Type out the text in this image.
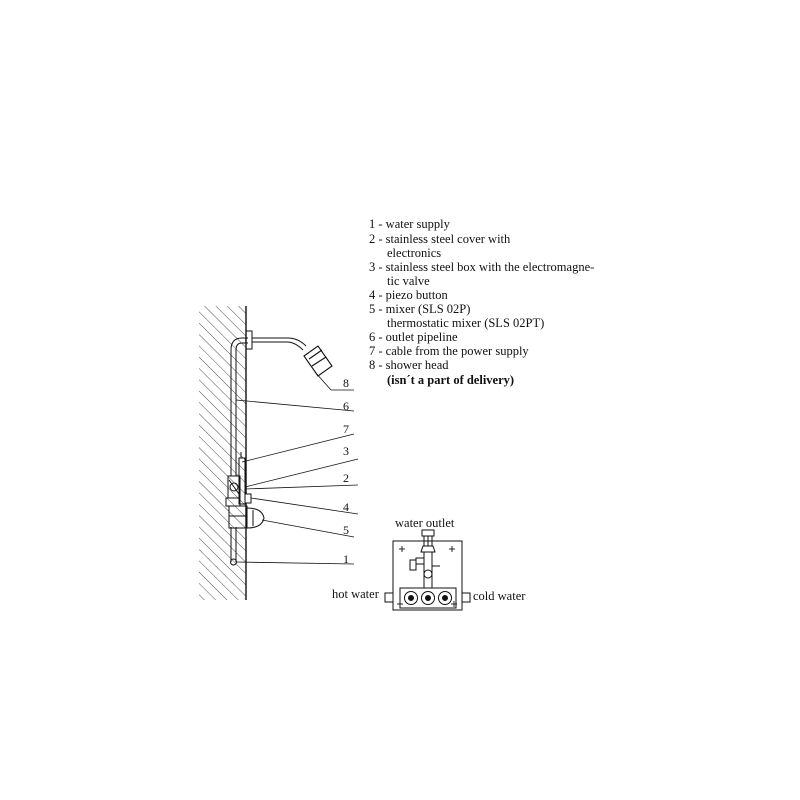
1
2
3
4
5
6
7
8
1 - water supply
2 - stainless steel cover with
electronics
3 - stainless steel box with the electromagne-
tic valve
4 - piezo button
5 - mixer (SLS 02P)
thermostatic mixer (SLS 02PT)
6 - outlet pipeline
7 - cable from the power supply
8 - shower head
(isn´t a part of delivery)
water outlet
hot water	cold water
